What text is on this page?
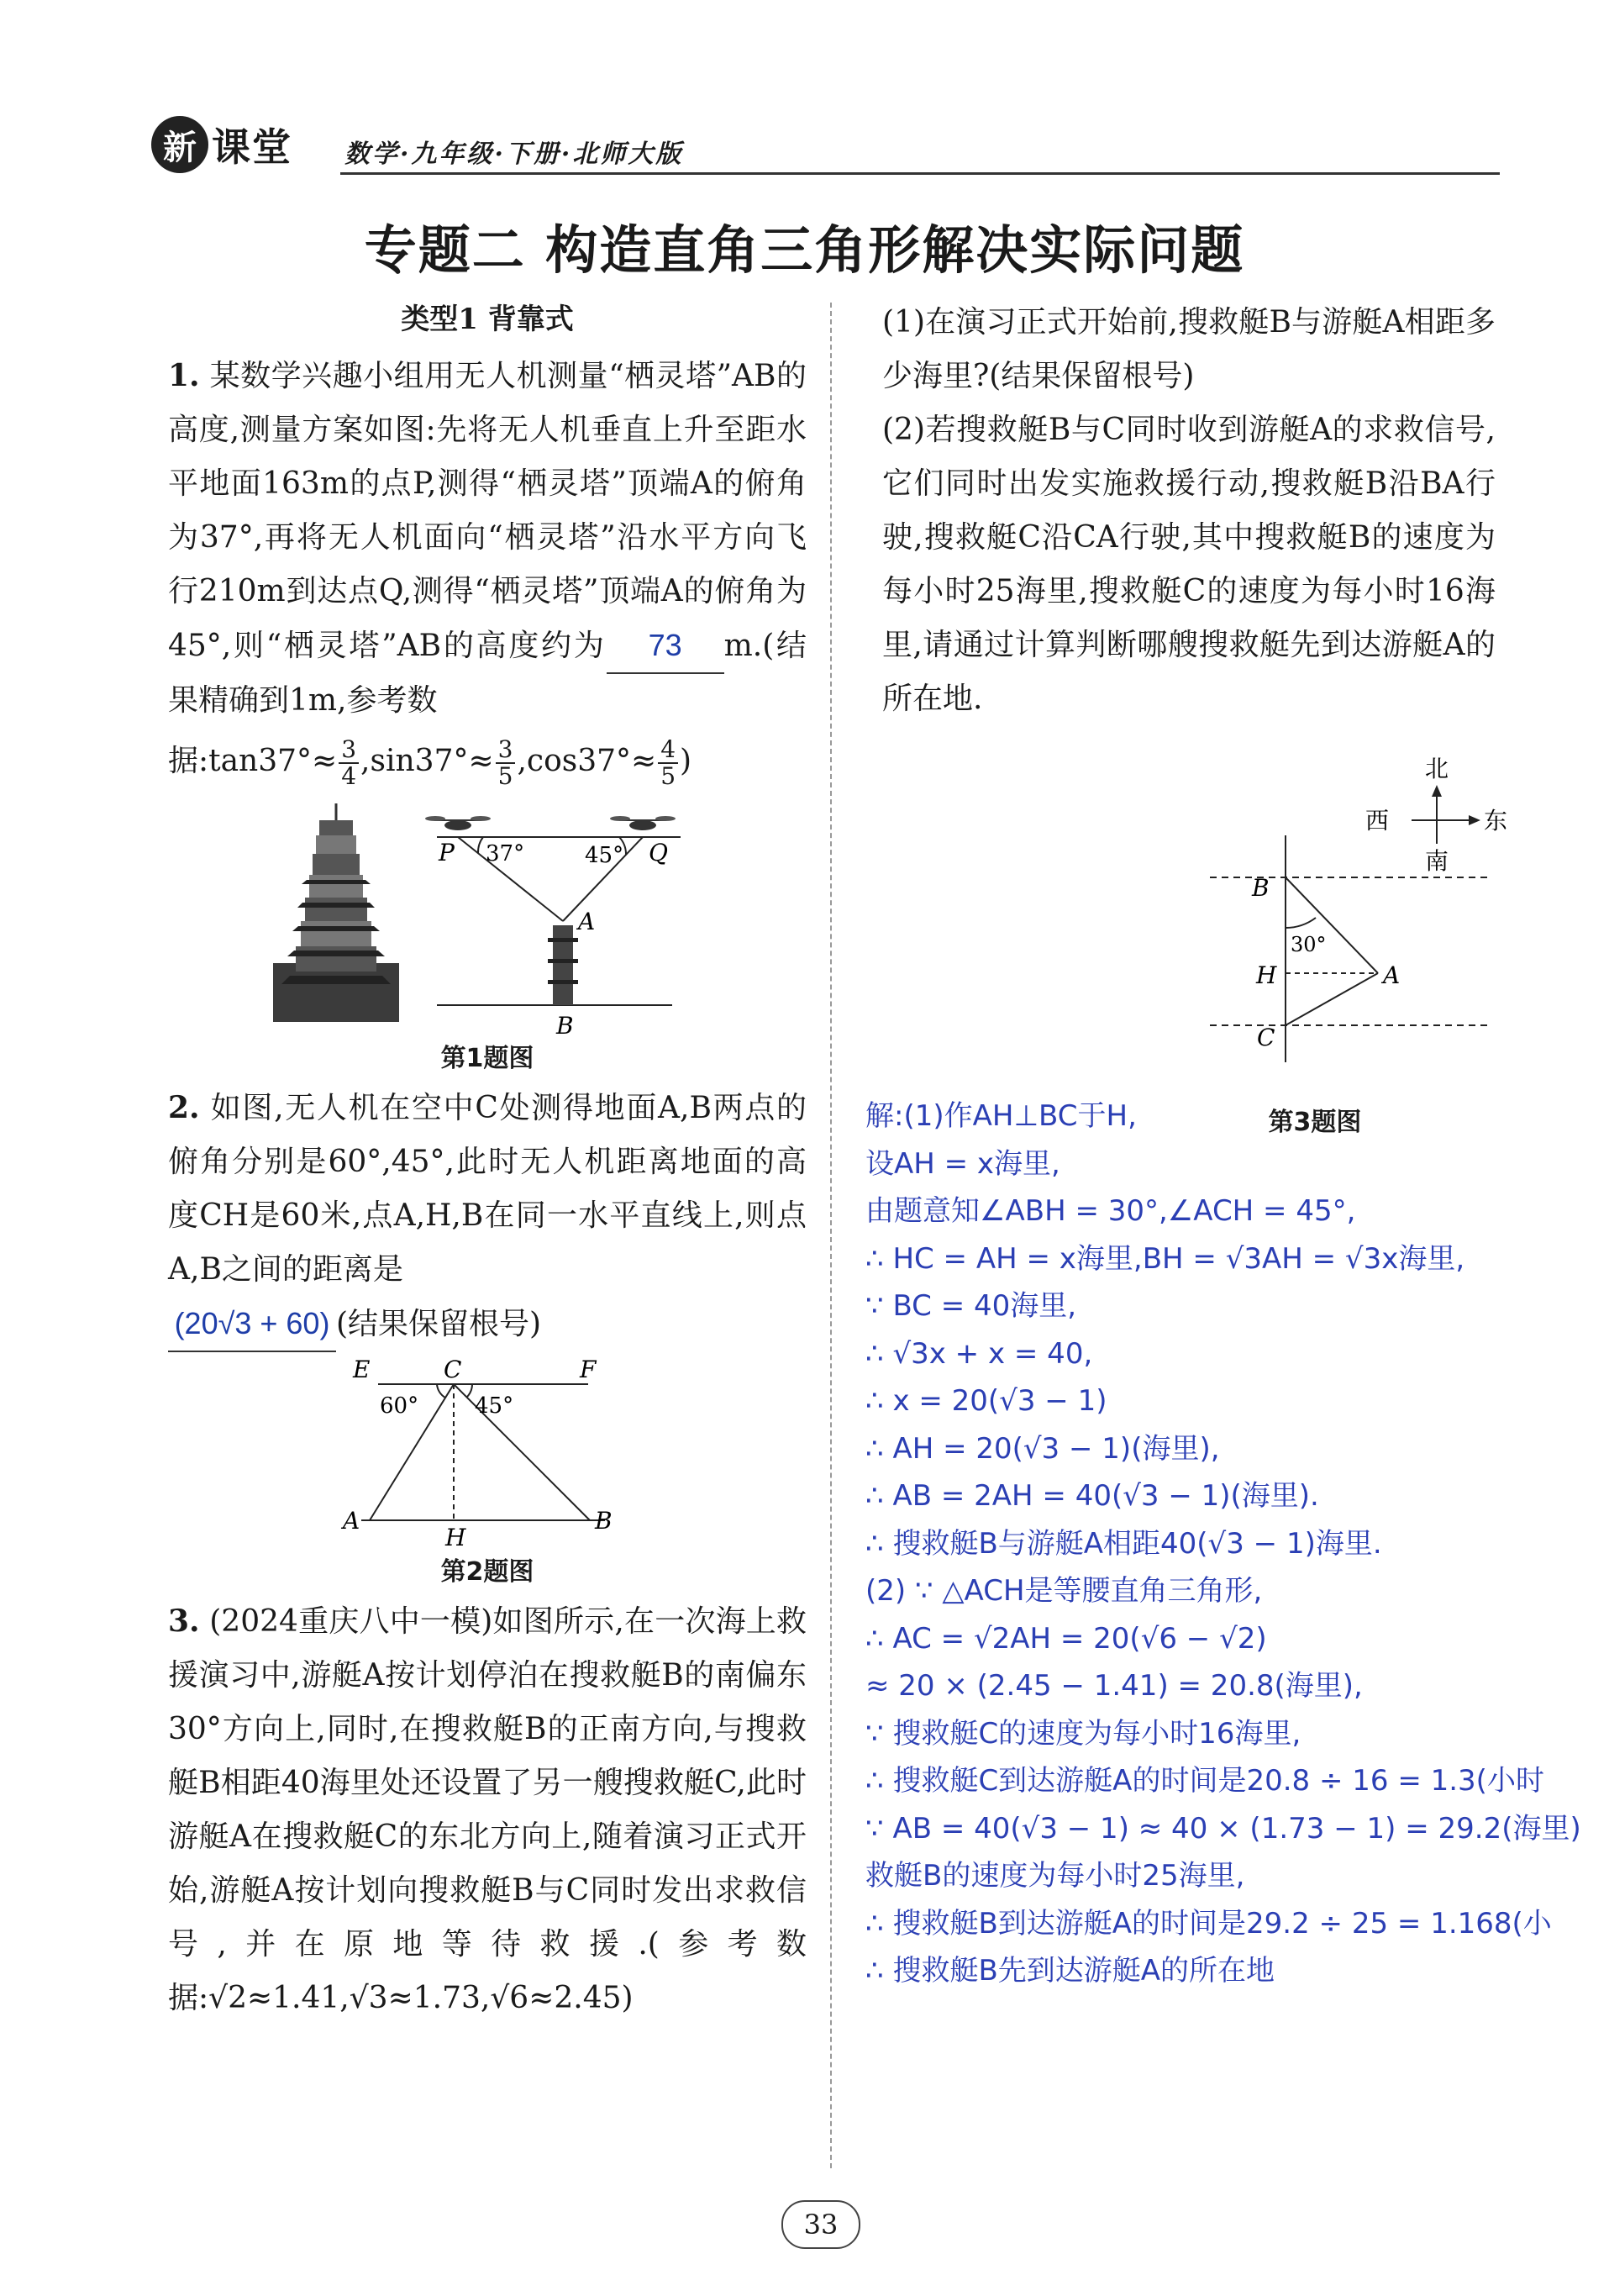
新 课堂 数学·九年级·下册·北师大版
专题二 构造直角三角形解决实际问题
类型1 背靠式

1. 某数学兴趣小组用无人机测量“栖灵塔”AB的高度,测量方案如图:先将无人机垂直上升至距水平地面163m的点P,测得“栖灵塔”顶端A的俯角为37°,再将无人机面向“栖灵塔”沿水平方向飞行210m到达点Q,测得“栖灵塔”顶端A的俯角为45°,则“栖灵塔”AB的高度约为 73 m.(结果精确到1m,参考数

据:tan37°≈ $\frac{3}{4} ,\sin 37^\circ\approx \frac{3}{5} ,\cos 37^\circ\approx \frac{4}{5}$ )

P	Q
37°	45°
A
B
第1题图

2. 如图,无人机在空中C处测得地面A,B两点的俯角分别是60°,45°,此时无人机距离地面的高度CH是60米,点A,H,B在同一水平直线上,则点A,B之间的距离是
(20√3 + 60) (结果保留根号)

E	C	F
60°	45°
A
H
B
第2题图

3. (2024重庆八中一模)如图所示,在一次海上救援演习中,游艇A按计划停泊在搜救艇B的南偏东30°方向上,同时,在搜救艇B的正南方向,与搜救艇B相距40海里处还设置了另一艘搜救艇C,此时游艇A在搜救艇C的东北方向上,随着演习正式开始,游艇A按计划向搜救艇B与C同时发出求救信号,并在原地等待救援.(参考数据:√2≈1.41,√3≈1.73,√6≈2.45)

(1)在演习正式开始前,搜救艇B与游艇A相距多少海里?(结果保留根号)

(2)若搜救艇B与C同时收到游艇A的求救信号,它们同时出发实施救援行动,搜救艇B沿BA行驶,搜救艇C沿CA行驶,其中搜救艇B的速度为每小时25海里,搜救艇C的速度为每小时16海里,请通过计算判断哪艘搜救艇先到达游艇A的所在地.

北
西	东
南
B
30°
H	A
C
第3题图
解:(1)作AH⊥BC于H,
设AH = x海里,
由题意知∠ABH = 30°,∠ACH = 45°,
∴ HC = AH = x海里,BH = √3AH = √3x海里,
∵ BC = 40海里,
∴ √3x + x = 40,
∴ x = 20(√3 − 1)
∴ AH = 20(√3 − 1)(海里),
∴ AB = 2AH = 40(√3 − 1)(海里).
∴ 搜救艇B与游艇A相距40(√3 − 1)海里.
(2) ∵ △ACH是等腰直角三角形,
∴ AC = √2AH = 20(√6 − √2)
≈ 20 × (2.45 − 1.41) = 20.8(海里),
∵ 搜救艇C的速度为每小时16海里,
∴ 搜救艇C到达游艇A的时间是20.8 ÷ 16 = 1.3(小时
∵ AB = 40(√3 − 1) ≈ 40 × (1.73 − 1) = 29.2(海里)
救艇B的速度为每小时25海里,
∴ 搜救艇B到达游艇A的时间是29.2 ÷ 25 = 1.168(小
∴ 搜救艇B先到达游艇A的所在地
33
